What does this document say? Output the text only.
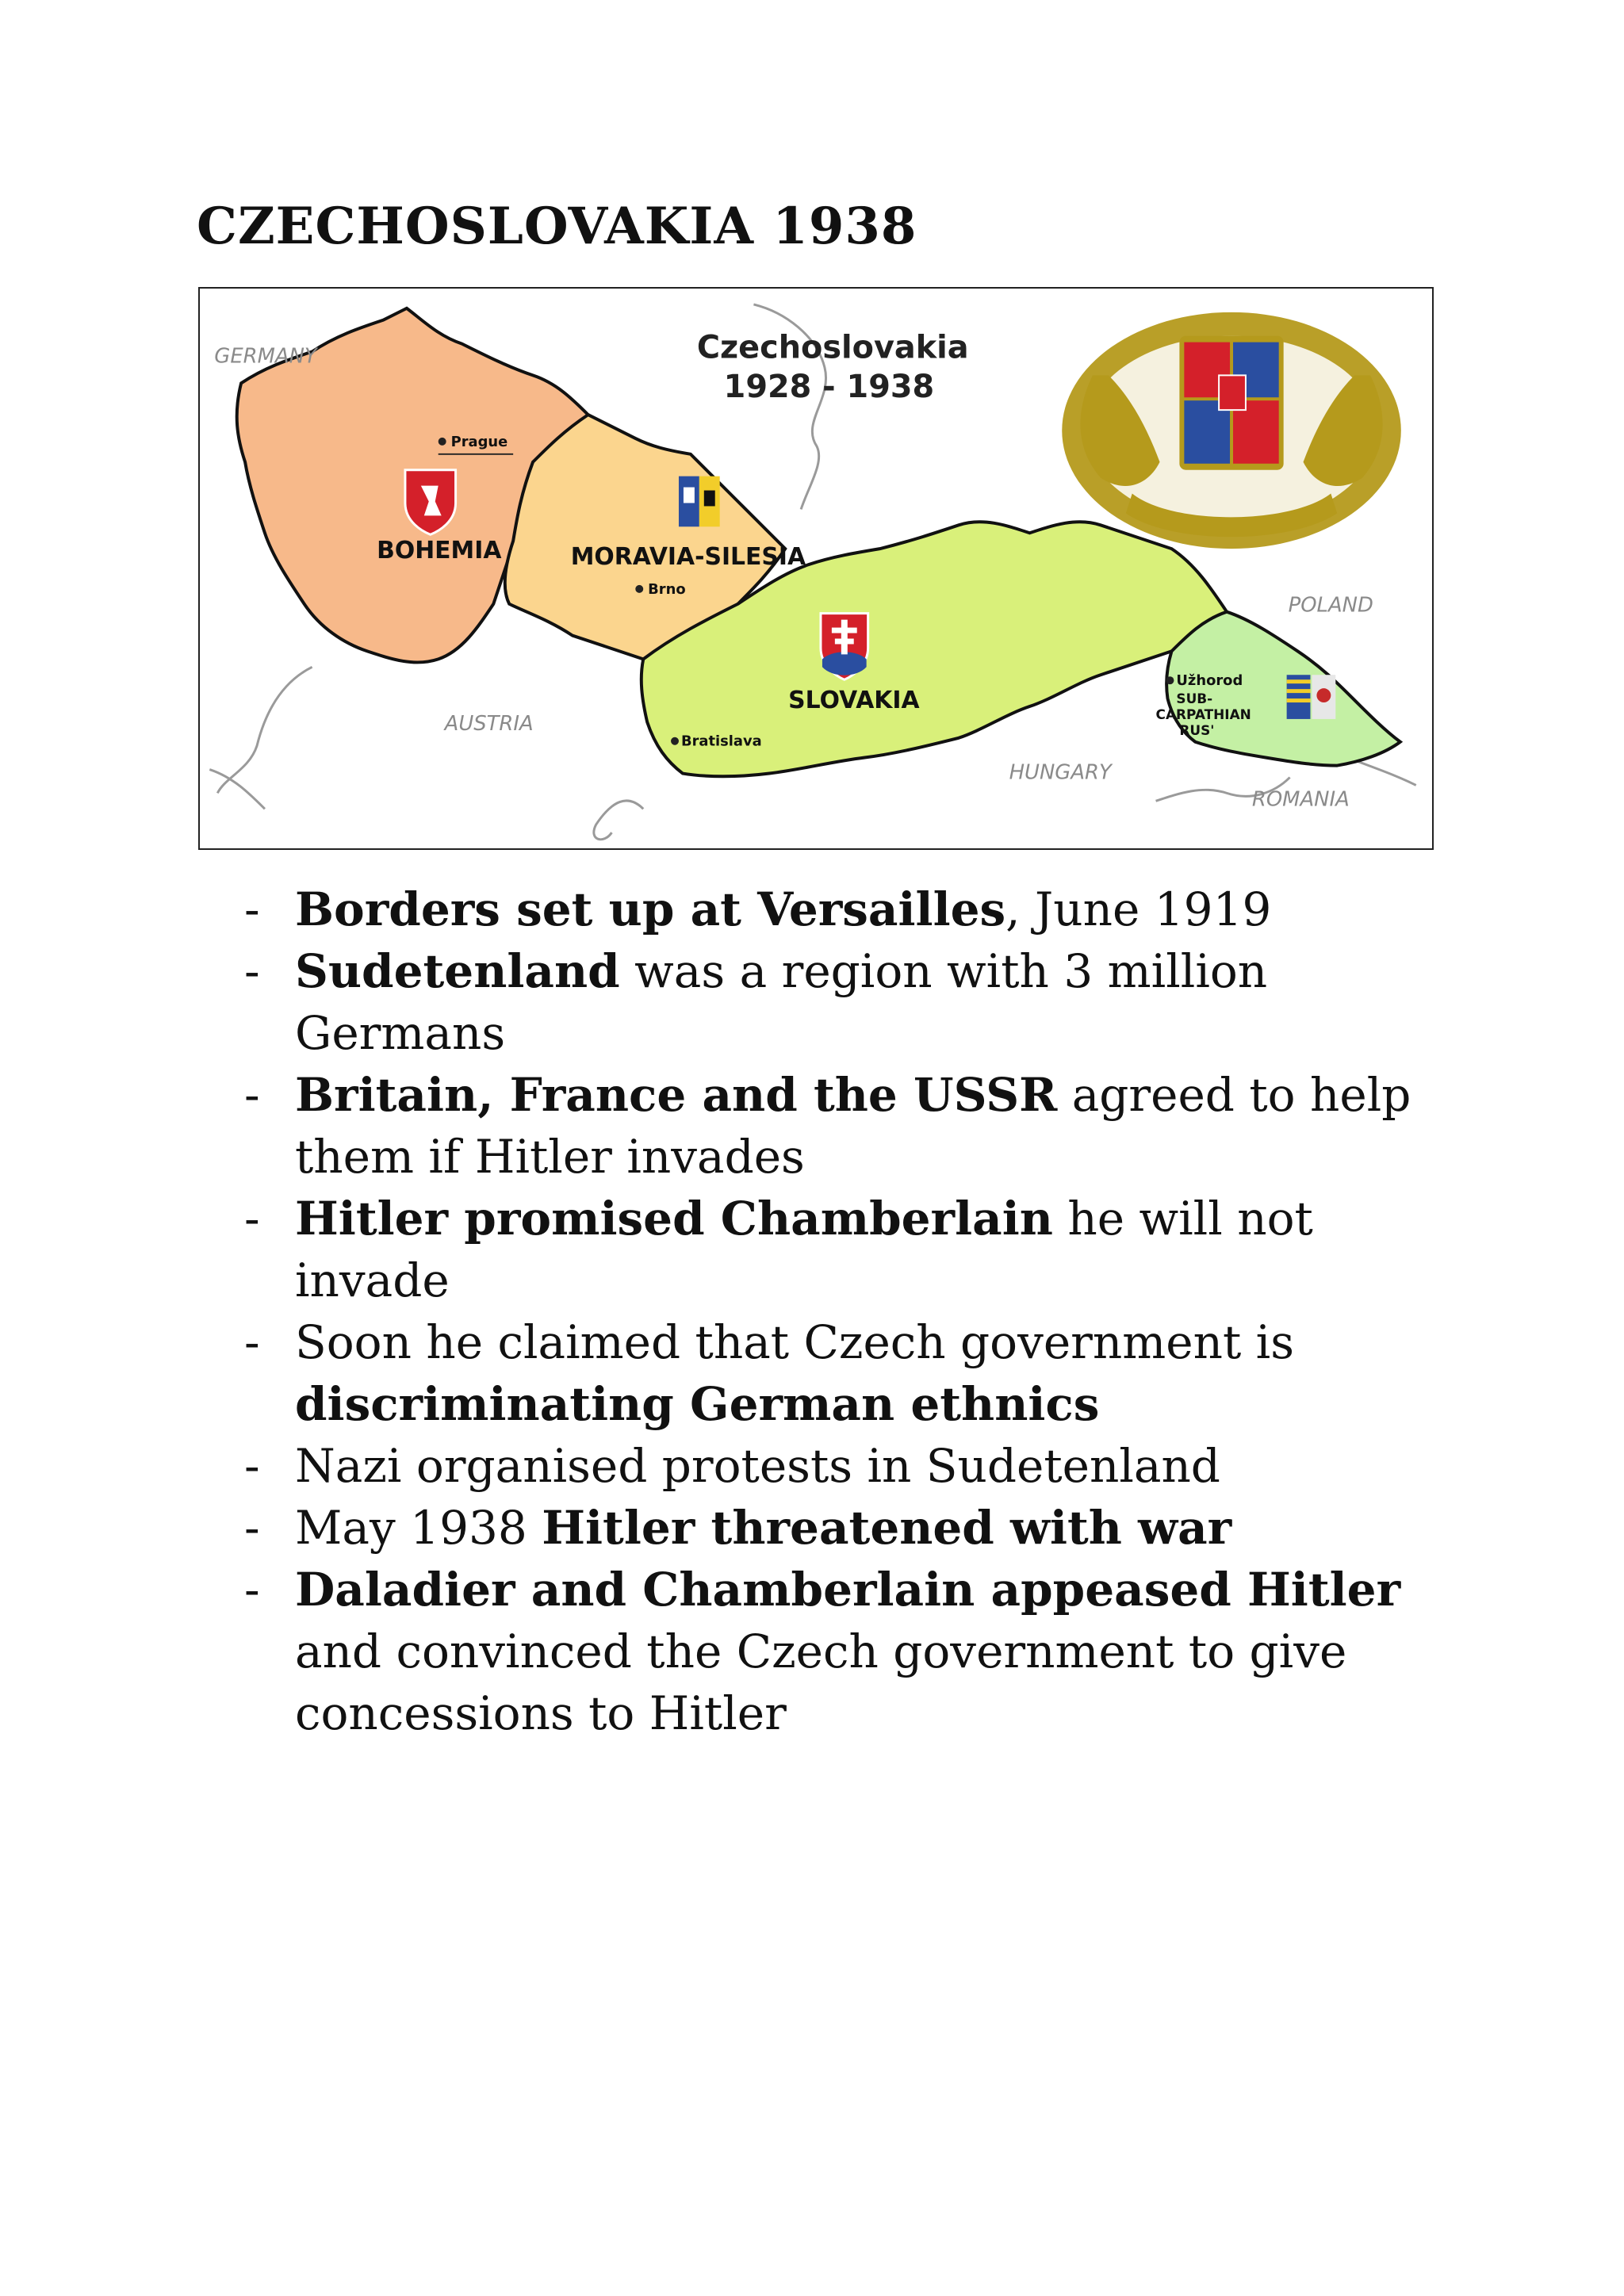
CZECHOSLOVAKIA 1938
Czechoslovakia
1928 - 1938
GERMANY
POLAND
AUSTRIA
HUNGARY
ROMANIA
BOHEMIA	MORAVIA-SILESIA
SLOVAKIA	SUB-
CARPATHIAN
RUS'
Prague
Brno
Bratislava
Užhorod
- Borders set up at Versailles, June 1919
- Sudetenland was a region with 3 million Germans
- Britain, France and the USSR agreed to help them if Hitler invades
- Hitler promised Chamberlain he will not invade
- Soon he claimed that Czech government is discriminating German ethnics
- Nazi organised protests in Sudetenland
- May 1938 Hitler threatened with war
- Daladier and Chamberlain appeased Hitler and convinced the Czech government to give concessions to Hitler
